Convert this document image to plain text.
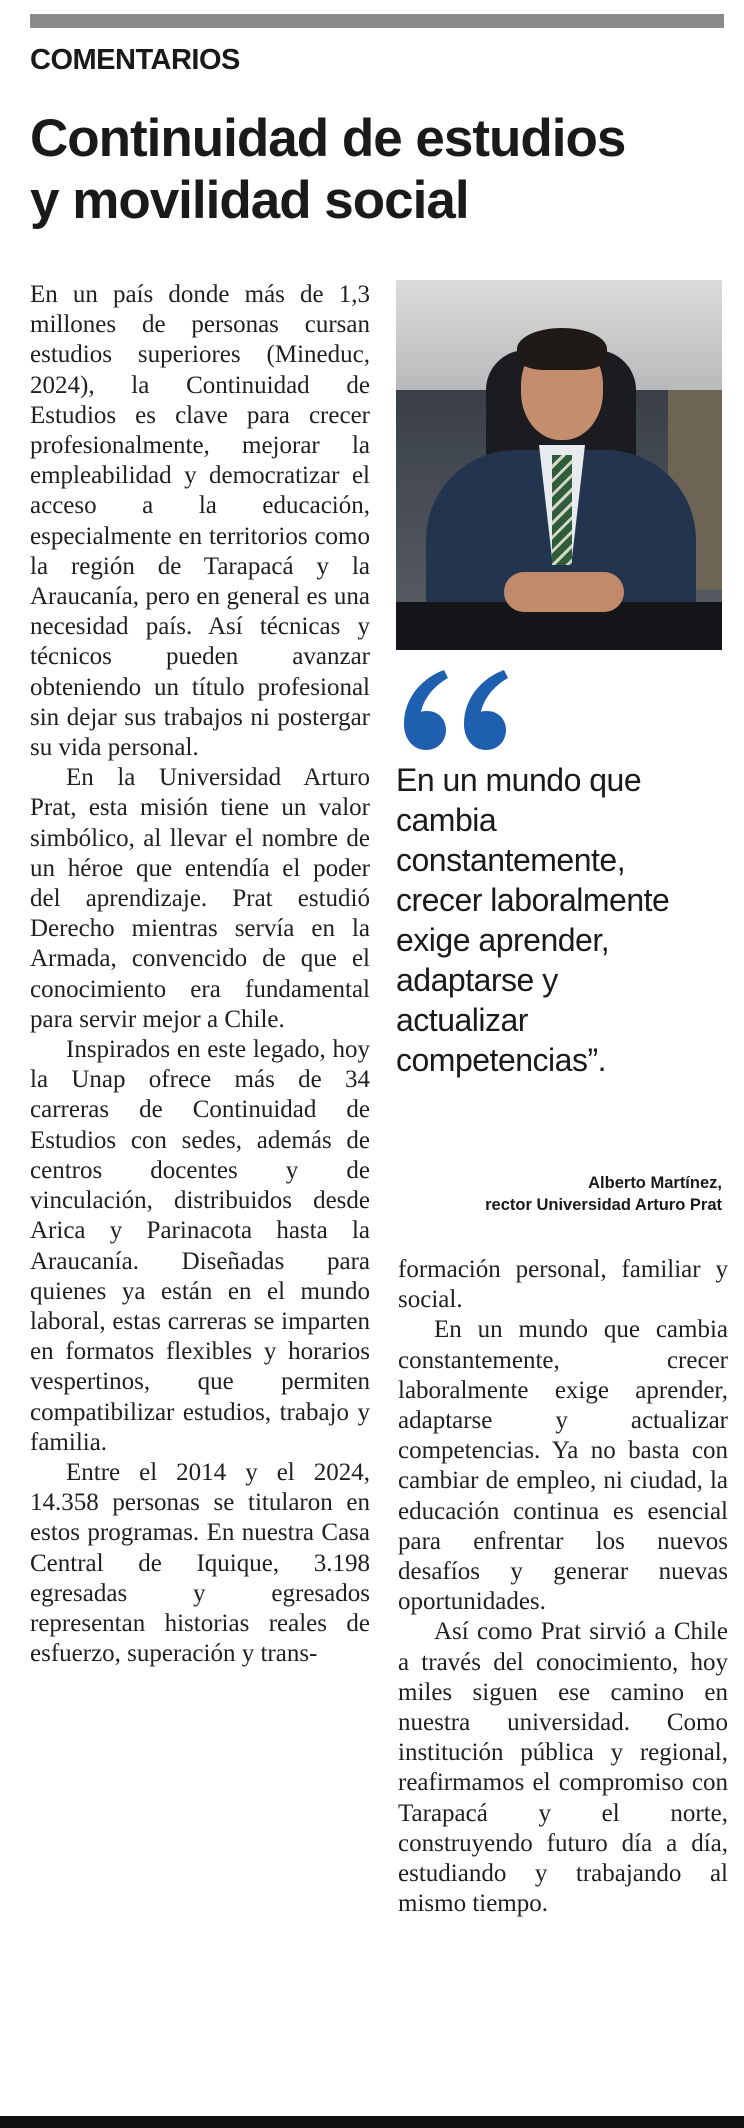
COMENTARIOS
Continuidad de estudios
y movilidad social

En un país donde más de 1,3 millones de personas cursan estudios superiores (Mineduc, 2024), la Continuidad de Estudios es clave para crecer profesionalmente, mejorar la empleabilidad y democratizar el acceso a la educación, especialmente en territorios como la región de Tarapacá y la Araucanía, pero en general es una necesidad país. Así técnicas y técnicos pueden avanzar obteniendo un título profesional sin dejar sus trabajos ni postergar su vida personal.

En la Universidad Arturo Prat, esta misión tiene un valor simbólico, al llevar el nombre de un héroe que entendía el poder del aprendizaje. Prat estudió Derecho mientras servía en la Armada, convencido de que el conocimiento era fundamental para servir mejor a Chile.

Inspirados en este legado, hoy la Unap ofrece más de 34 carreras de Continuidad de Estudios con sedes, además de centros docentes y de vinculación, distribuidos desde Arica y Parinacota hasta la Araucanía. Diseñadas para quienes ya están en el mundo laboral, estas carreras se imparten en formatos flexibles y horarios vespertinos, que permiten compatibilizar estudios, trabajo y familia.

Entre el 2014 y el 2024, 14.358 personas se titularon en estos programas. En nuestra Casa Central de Iquique, 3.198 egresadas y egresados representan historias reales de esfuerzo, superación y trans-

En un mundo que
cambia
constantemente,
crecer laboralmente
exige aprender,
adaptarse y
actualizar
competencias”.
Alberto Martínez,
rector Universidad Arturo Prat

formación personal, familiar y social.

En un mundo que cambia constantemente, crecer laboralmente exige aprender, adaptarse y actualizar competencias. Ya no basta con cambiar de empleo, ni ciudad, la educación continua es esencial para enfrentar los nuevos desafíos y generar nuevas oportunidades.

Así como Prat sirvió a Chile a través del conocimiento, hoy miles siguen ese camino en nuestra universidad. Como institución pública y regional, reafirmamos el compromiso con Tarapacá y el norte, construyendo futuro día a día, estudiando y trabajando al mismo tiempo.
